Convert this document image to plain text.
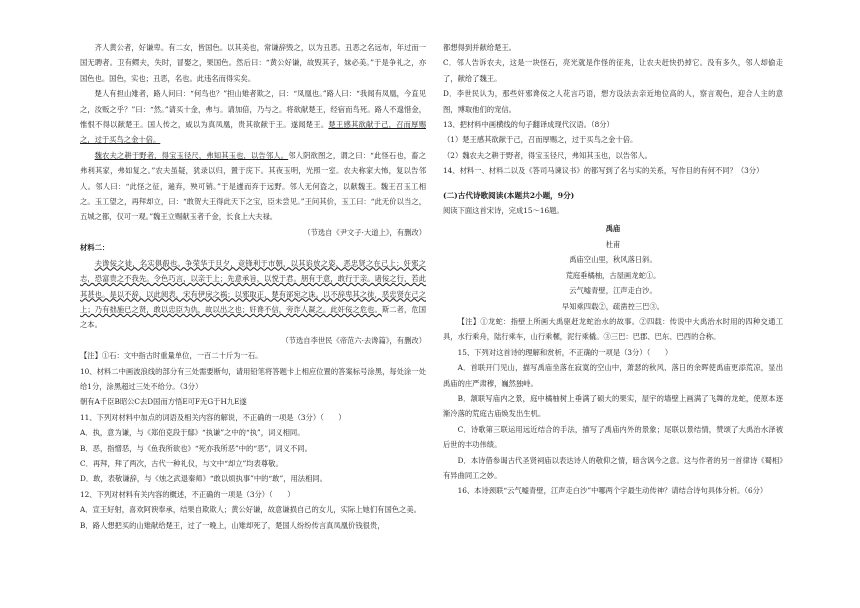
齐人黄公者，好谦卑。有二女，皆国色。以其美也，常谦辞毁之，以为丑恶。丑恶之名远布，年过而一国无聘者。卫有鳏夫，失时，冒娶之，果国色。然后曰：“黄公好谦，故毁其子，妹必美。”于是争礼之，亦国色也。国色，实也；丑恶，名也。此违名而得实矣。

楚人有担山雉者，路人问曰：“何鸟也？”担山雉者欺之，曰：“凤凰也。”路人曰：“我闻有凤凰，今直见之，汝贩之乎？”曰：“然。”请买十金，弗与。请加倍，乃与之。将欲献楚王，经宿而鸟死。路人不遑惜金，惟恨不得以献楚王。国人传之，咸以为真凤凰，贵其欲献于王。遂闻楚王。楚王感其欲献于己，召而厚赐之，过于买鸟之金十倍。

魏农夫之耕于野者，得宝玉径尺，弗知其玉也，以告邻人。邻人阴欲图之，谓之曰：“此怪石也，畜之弗利其家，弗如复之。”农夫虽疑，犹录以归，置于庑下。其夜玉明，光照一室。农夫称家大怖，复以告邻人。邻人曰：“此怪之征，遄弃，殃可销。”于是遽而弃于远野。邻人无何盗之，以献魏王。魏王召玉工相之。玉工望之，再拜却立，曰：“敢贺大王得此天下之宝，臣未尝见。”王问其价，玉工曰：“此无价以当之，五城之都，仅可一观。”魏王立赐献玉者千金，长食上大夫禄。

（节选自《尹文子·大道上》，有删改）

材料二：

夫谗佞之徒，名实俱殽也。争荣华于旦夕，竞锋利于市朝，以其谄放之姿，恶忠贤之在己上；奸邪之志，恐富贵之不我先。令色巧言，以亲于上；先意承旨，以悦于君。朋有于意，敢行于亲。诸佞之行，若此其甚也。是以不辞，以此阅表，宋有伊戾之祸；以邪取正，楚有郤宛之诛。以不辞卑其之徒，恶忠贤在己之上；乃有拙施已之贤，敢以忠臣为仇，故以出之也；奸谗不信，旁诈人凝之。此奸佞之危也。斯二者，危国之本。

（节选自李世民《帝范六·去谗篇》，有删改）

【注】①石：文中指古时重量单位，一百二十斤为一石。

10、材料二中画波浪线的部分有三处需要断句，请用铅笔将答题卡上相应位置的答案标号涂黑，每处涂一处给1分，涂黑超过三处不给分。（3分）

朝有A千臣B昭公C去D国而方悟E可F无G于H九E遂

11、下列对材料中加点的词语及相关内容的解说，不正确的一项是（3分）（　　）

A．执，意为谦，与《郑伯克段于鄢》“执谦”之中的“执”，词义相同。

B．恶，指憎恶，与《鱼我所欲也》“死亦我所恶”中的“恶”，词义不同。

C．再拜，拜了两次，古代一种礼仪，与文中“却立”均表尊敬。

D．敢，表敬谦辞，与《烛之武退秦师》“敢以烦执事”中的“敢”，用法相同。

12、下列对材料有关内容的概述，不正确的一项是（3分）（　　）

A．宣王好射，喜欢阿谀奉承，结果自欺欺人；黄公好谦，故意谦损自己的女儿，实际上她们有国色之美。

B．路人想把买的山雉献给楚王，过了一晚上，山雉却死了，楚国人纷纷传言真凤凰价钱很贵，

都想得到并献给楚王。

C．邻人告诉农夫，这是一块怪石，亮光就是作怪的征兆，让农夫赶快扔掉它。没有多久，邻人却偷走了，献给了魏王。

D．李世民认为，那些奸邪谗佞之人花言巧语，想方设法去亲近地位高的人，察言观色，迎合人主的意图，博取他们的宠信。

13、把材料中画横线的句子翻译成现代汉语。（8分）

（1）楚王感其欲献于己，召而厚赐之，过于买鸟之金十倍。

（2）魏农夫之耕于野者，得宝玉径尺，弗知其玉也，以告邻人。

14、材料一、材料二以及《答司马谏议书》的都写到了名与实的关系，写作目的有何不同？（3分）

(二)古代诗歌阅读(本题共2小题，9分)

阅读下面这首宋诗，完成15～16题。

禹庙

杜甫

禹庙空山里，秋风落日斜。

荒庭垂橘柚，古屋画龙蛇①。

云气嘘青壁，江声走白沙。

早知乘四载②，疏凿控三巴③。

【注】①龙蛇：指壁上所画大禹驱赶龙蛇治水的故事。②四载：传说中大禹治水时用的四种交通工具，水行乘舟，陆行乘车，山行乘樏，泥行乘橇。③三巴：巴郡、巴东、巴西的合称。

15、下列对这首诗的理解和赏析，不正确的一项是（3分）（　　）

A．首联开门见山，描写禹庙坐落在寂寞的空山中，萧瑟的秋风、落日的余晖使禹庙更添荒凉，显出禹庙的庄严肃穆，巍然独峙。

B．颔联写庙内之景，庭中橘柚树上垂满了硕大的果实，屋宇的墙壁上画满了飞舞的龙蛇，使原本逐渐冷落的荒庭古庙焕发出生机。

C．诗歌第三联运用远近结合的手法，描写了禹庙内外的景象；尾联以景结情，赞颂了大禹治水泽被后世的丰功伟绩。

D．本诗借参谒古代圣贤祠庙以表达诗人的敬仰之情，暗含讽今之意。这与作者的另一首律诗《蜀相》有异曲同工之妙。

16、本诗颈联“云气嘘青壁，江声走白沙”中哪两个字最生动传神？请结合诗句具体分析。（6分）
